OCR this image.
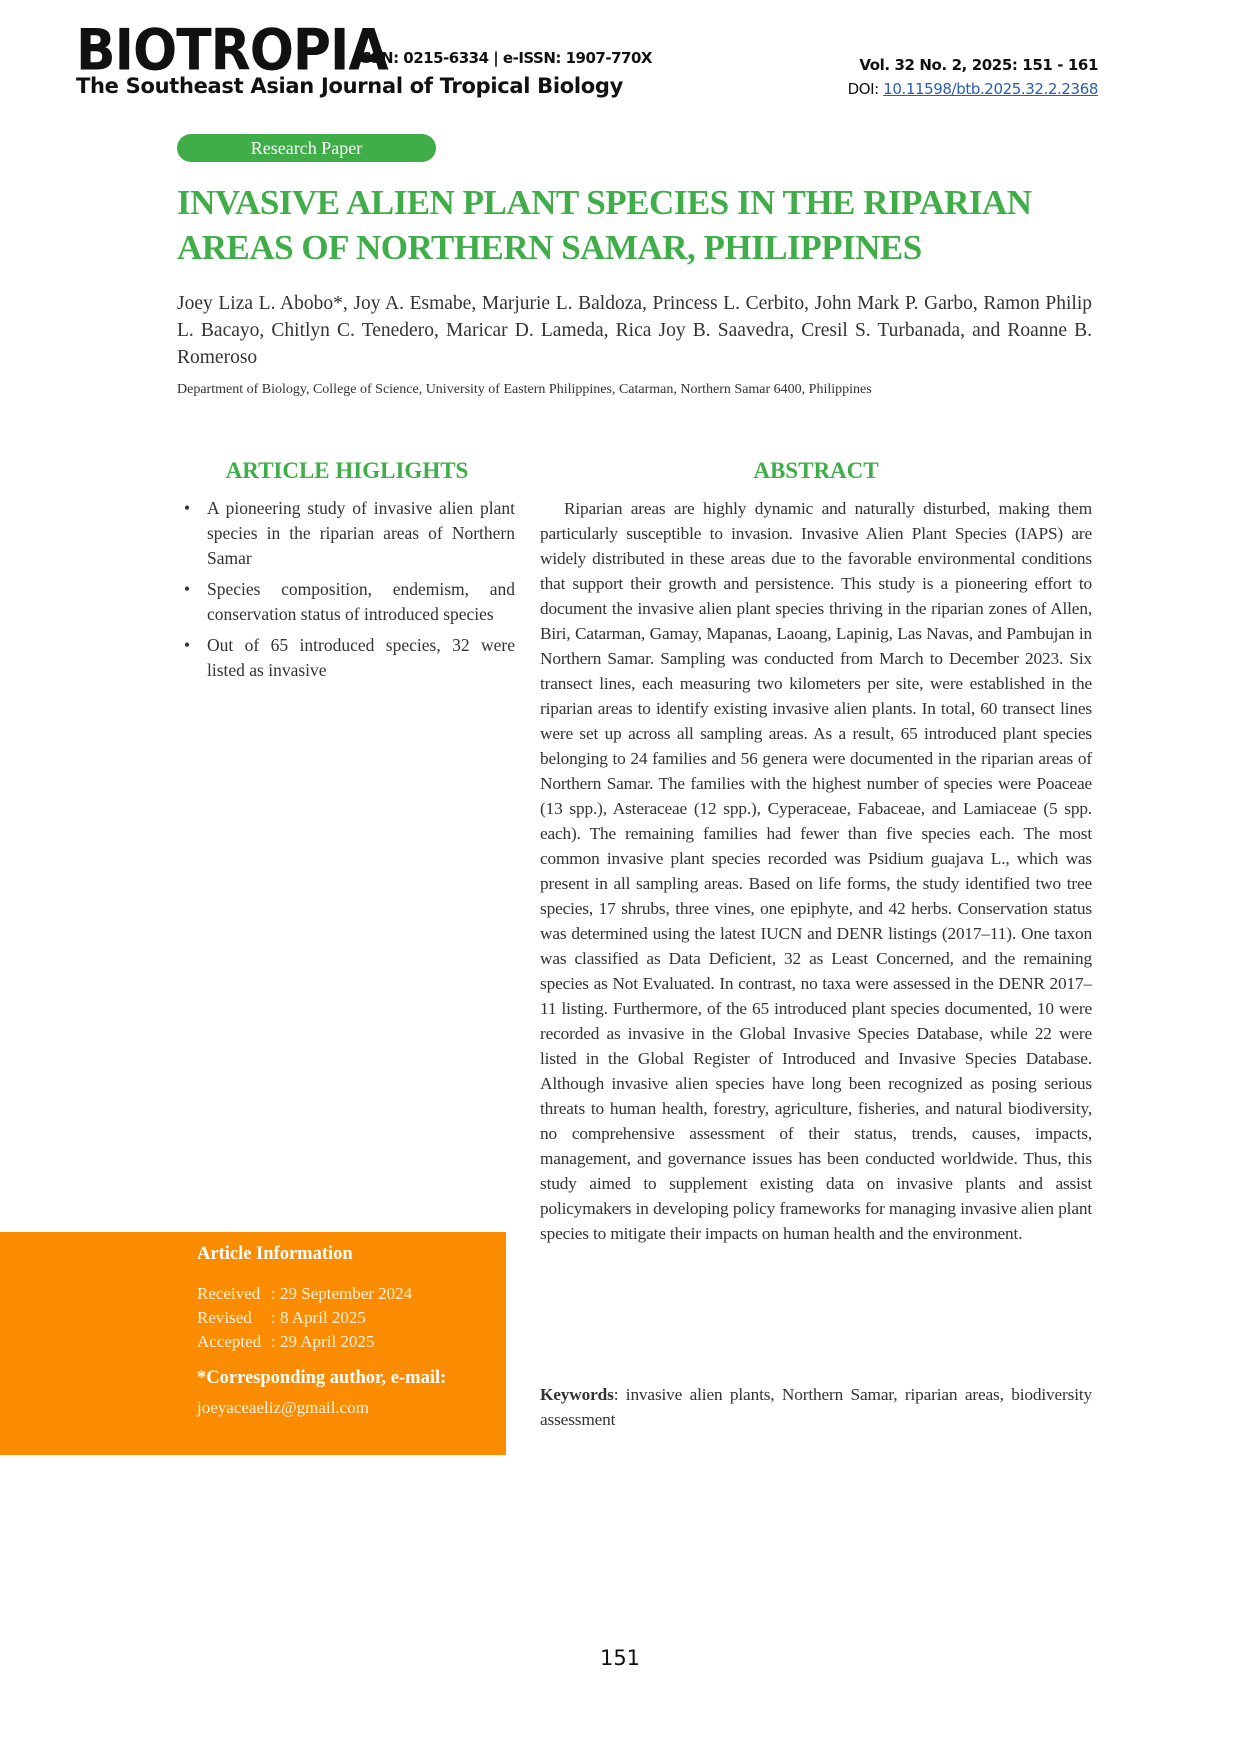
BIOTROPIA
ISSN: 0215-6334 | e-ISSN: 1907-770X
The Southeast Asian Journal of Tropical Biology
Vol. 32 No. 2, 2025: 151 - 161
DOI: 10.11598/btb.2025.32.2.2368
Research Paper
INVASIVE ALIEN PLANT SPECIES IN THE RIPARIAN
AREAS OF NORTHERN SAMAR, PHILIPPINES
Joey Liza L. Abobo*, Joy A. Esmabe, Marjurie L. Baldoza, Princess L. Cerbito, John Mark P. Garbo, Ramon Philip L. Bacayo, Chitlyn C. Tenedero, Maricar D. Lameda, Rica Joy B. Saavedra, Cresil S. Turbanada, and Roanne B. Romeroso
Department of Biology, College of Science, University of Eastern Philippines, Catarman, Northern Samar 6400, Philippines
ARTICLE HIGLIGHTS
• A pioneering study of invasive alien plant species in the riparian areas of Northern Samar
• Species composition, endemism, and conservation status of introduced species
• Out of 65 introduced species, 32 were listed as invasive
ABSTRACT

Riparian areas are highly dynamic and naturally disturbed, making them particularly susceptible to invasion. Invasive Alien Plant Species (IAPS) are widely distributed in these areas due to the favorable environmental conditions that support their growth and persistence. This study is a pioneering effort to document the invasive alien plant species thriving in the riparian zones of Allen, Biri, Catarman, Gamay, Mapanas, Laoang, Lapinig, Las Navas, and Pambujan in Northern Samar. Sampling was conducted from March to December 2023. Six transect lines, each measuring two kilometers per site, were established in the riparian areas to identify existing invasive alien plants. In total, 60 transect lines were set up across all sampling areas. As a result, 65 introduced plant species belonging to 24 families and 56 genera were documented in the riparian areas of Northern Samar. The families with the highest number of species were Poaceae (13 spp.), Asteraceae (12 spp.), Cyperaceae, Fabaceae, and Lamiaceae (5 spp. each). The remaining families had fewer than five species each. The most common invasive plant species recorded was Psidium guajava L., which was present in all sampling areas. Based on life forms, the study identified two tree species, 17 shrubs, three vines, one epiphyte, and 42 herbs. Conservation status was determined using the latest IUCN and DENR listings (2017–11). One taxon was classified as Data Deficient, 32 as Least Concerned, and the remaining species as Not Evaluated. In contrast, no taxa were assessed in the DENR 2017–11 listing. Furthermore, of the 65 introduced plant species documented, 10 were recorded as invasive in the Global Invasive Species Database, while 22 were listed in the Global Register of Introduced and Invasive Species Database. Although invasive alien species have long been recognized as posing serious threats to human health, forestry, agriculture, fisheries, and natural biodiversity, no comprehensive assessment of their status, trends, causes, impacts, management, and governance issues has been conducted worldwide. Thus, this study aimed to supplement existing data on invasive plants and assist policymakers in developing policy frameworks for managing invasive alien plant species to mitigate their impacts on human health and the environment.

Keywords: invasive alien plants, Northern Samar, riparian areas, biodiversity assessment
Article Information
Received : 29 September 2024
Revised : 8 April 2025
Accepted : 29 April 2025
*Corresponding author, e-mail:
joeyaceaeliz@gmail.com
151
